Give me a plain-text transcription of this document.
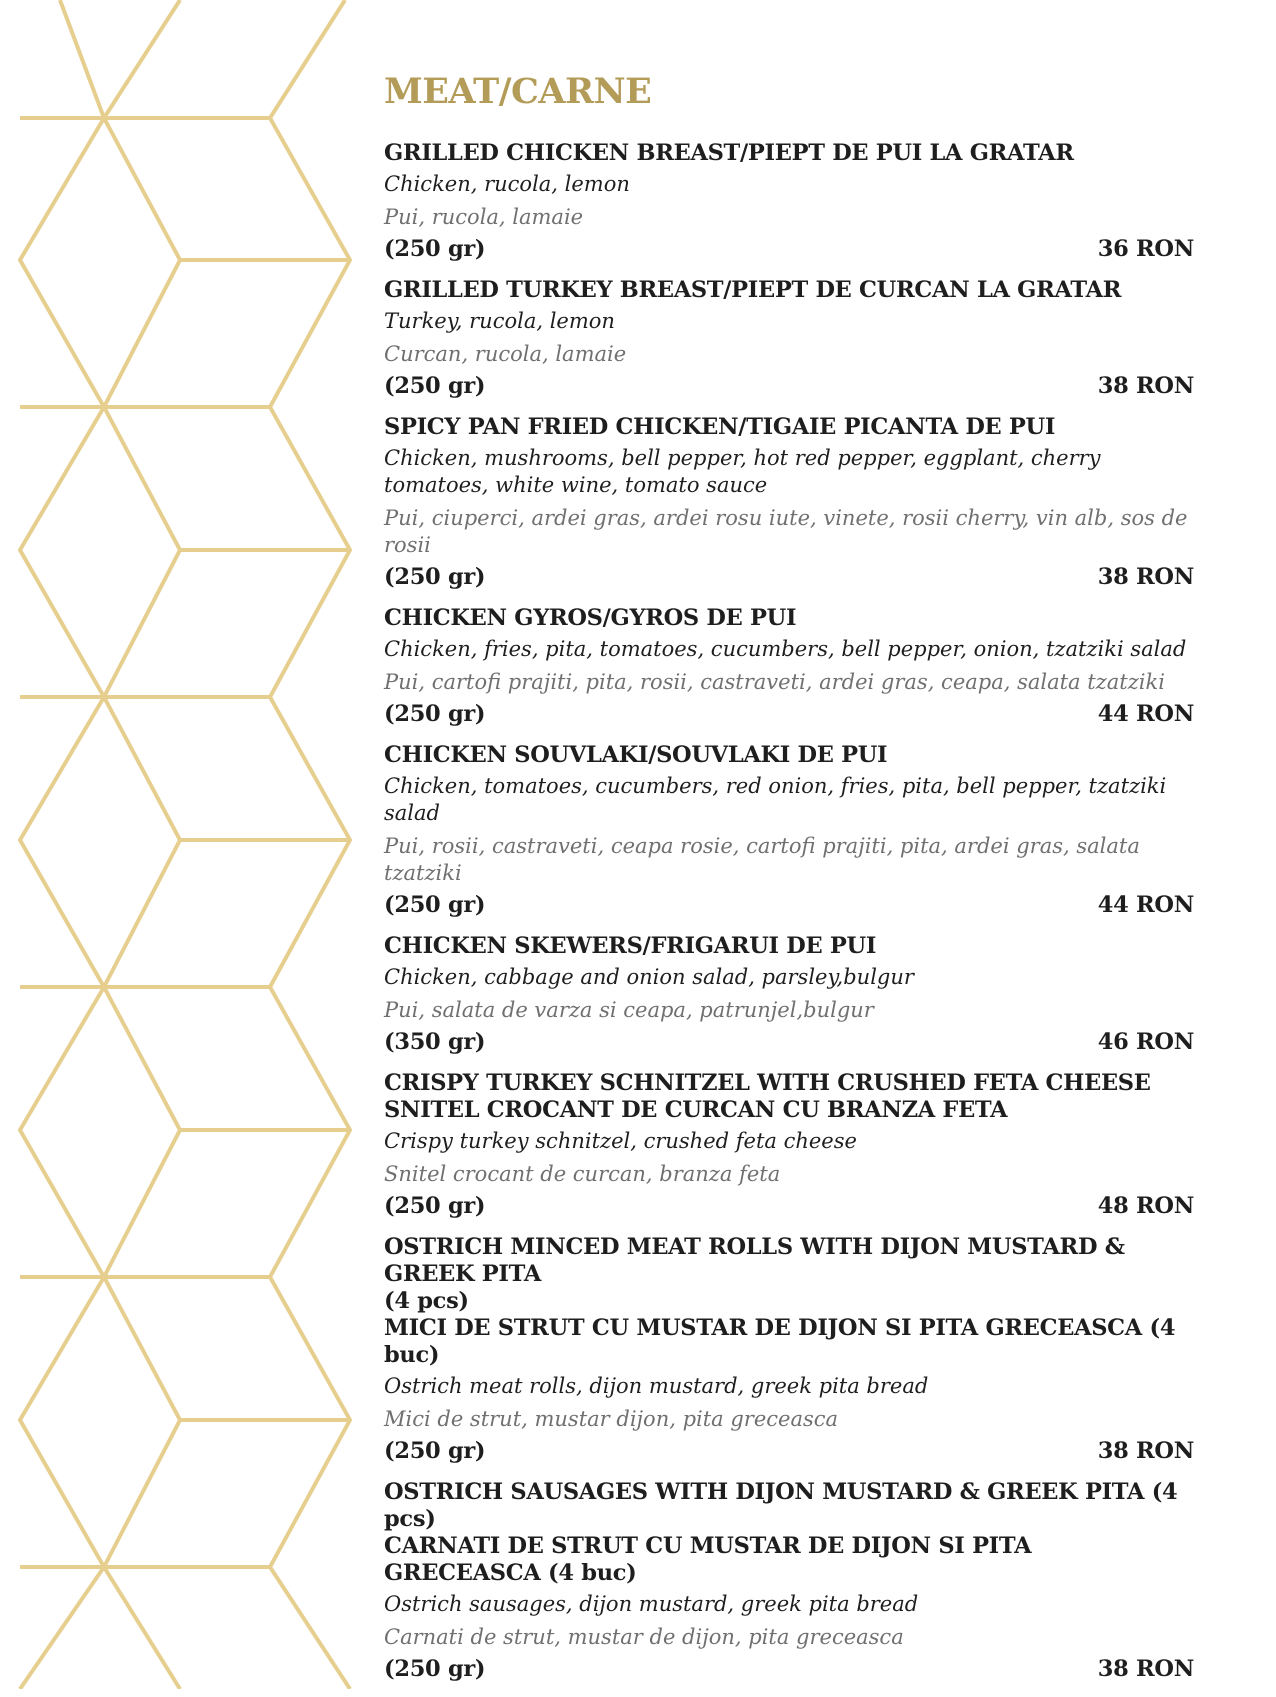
MEAT/CARNE
GRILLED CHICKEN BREAST/PIEPT DE PUI LA GRATAR
Chicken, rucola, lemon
Pui, rucola, lamaie
(250 gr)	36 RON
GRILLED TURKEY BREAST/PIEPT DE CURCAN LA GRATAR
Turkey, rucola, lemon
Curcan, rucola, lamaie
(250 gr)	38 RON
SPICY PAN FRIED CHICKEN/TIGAIE PICANTA DE PUI
Chicken, mushrooms, bell pepper, hot red pepper, eggplant, cherry tomatoes, white wine, tomato sauce
Pui, ciuperci, ardei gras, ardei rosu iute, vinete, rosii cherry, vin alb, sos de rosii
(250 gr)	38 RON
CHICKEN GYROS/GYROS DE PUI
Chicken, fries, pita, tomatoes, cucumbers, bell pepper, onion, tzatziki salad
Pui, cartofi prajiti, pita, rosii, castraveti, ardei gras, ceapa, salata tzatziki
(250 gr)	44 RON
CHICKEN SOUVLAKI/SOUVLAKI DE PUI
Chicken, tomatoes, cucumbers, red onion, fries, pita, bell pepper, tzatziki salad
Pui, rosii, castraveti, ceapa rosie, cartofi prajiti, pita, ardei gras, salata tzatziki
(250 gr)	44 RON
CHICKEN SKEWERS/FRIGARUI DE PUI
Chicken, cabbage and onion salad, parsley,bulgur
Pui, salata de varza si ceapa, patrunjel,bulgur
(350 gr)	46 RON
CRISPY TURKEY SCHNITZEL WITH CRUSHED FETA CHEESE
SNITEL CROCANT DE CURCAN CU BRANZA FETA
Crispy turkey schnitzel, crushed feta cheese
Snitel crocant de curcan, branza feta
(250 gr)	48 RON
OSTRICH MINCED MEAT ROLLS WITH DIJON MUSTARD & GREEK PITA
(4 pcs)
MICI DE STRUT CU MUSTAR DE DIJON SI PITA GRECEASCA (4 buc)
Ostrich meat rolls, dijon mustard, greek pita bread
Mici de strut, mustar dijon, pita greceasca
(250 gr)	38 RON
OSTRICH SAUSAGES WITH DIJON MUSTARD & GREEK PITA (4 pcs)
CARNATI DE STRUT CU MUSTAR DE DIJON SI PITA GRECEASCA (4 buc)
Ostrich sausages, dijon mustard, greek pita bread
Carnati de strut, mustar de dijon, pita greceasca
(250 gr)	38 RON
